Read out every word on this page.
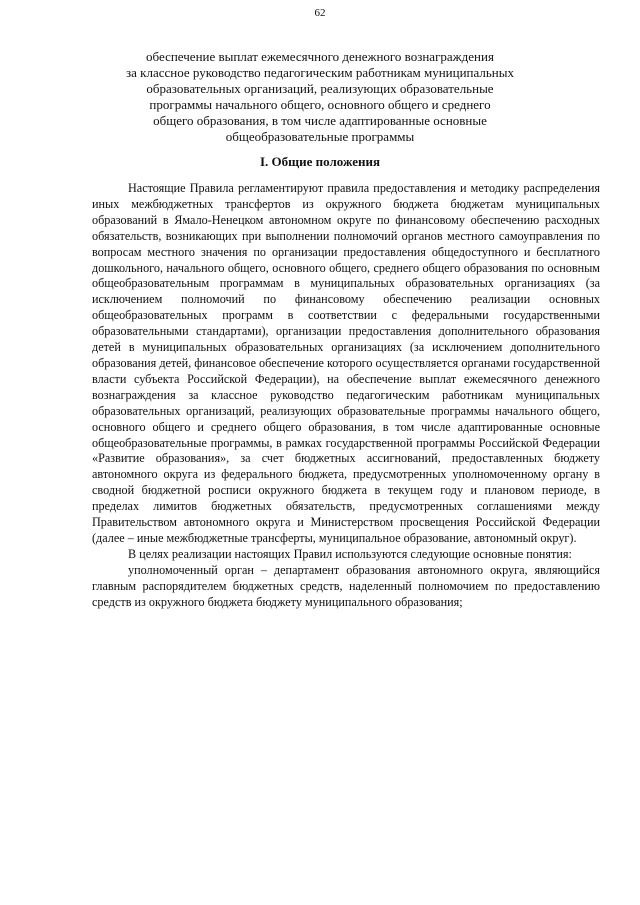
62
обеспечение выплат ежемесячного денежного вознаграждения
за классное руководство педагогическим работникам муниципальных
образовательных организаций, реализующих образовательные
программы начального общего, основного общего и среднего
общего образования, в том числе адаптированные основные
общеобразовательные программы
I. Общие положения

Настоящие Правила регламентируют правила предоставления и методику распределения иных межбюджетных трансфертов из окружного бюджета бюджетам муниципальных образований в Ямало-Ненецком автономном округе по финансовому обеспечению расходных обязательств, возникающих при выполнении полномочий органов местного самоуправления по вопросам местного значения по организации предоставления общедоступного и бесплатного дошкольного, начального общего, основного общего, среднего общего образования по основным общеобразовательным программам в муниципальных образовательных организациях (за исключением полномочий по финансовому обеспечению реализации основных общеобразовательных программ в соответствии с федеральными государственными образовательными стандартами), организации предоставления дополнительного образования детей в муниципальных образовательных организациях (за исключением дополнительного образования детей, финансовое обеспечение которого осуществляется органами государственной власти субъекта Российской Федерации), на обеспечение выплат ежемесячного денежного вознаграждения за классное руководство педагогическим работникам муниципальных образовательных организаций, реализующих образовательные программы начального общего, основного общего и среднего общего образования, в том числе адаптированные основные общеобразовательные программы, в рамках государственной программы Российской Федерации «Развитие образования», за счет бюджетных ассигнований, предоставленных бюджету автономного округа из федерального бюджета, предусмотренных уполномоченному органу в сводной бюджетной росписи окружного бюджета в текущем году и плановом периоде, в пределах лимитов бюджетных обязательств, предусмотренных соглашениями между Правительством автономного округа и Министерством просвещения Российской Федерации (далее – иные межбюджетные трансферты, муниципальное образование, автономный округ).

В целях реализации настоящих Правил используются следующие основные понятия:

уполномоченный орган – департамент образования автономного округа, являющийся главным распорядителем бюджетных средств, наделенный полномочием по предоставлению средств из окружного бюджета бюджету муниципального образования;
